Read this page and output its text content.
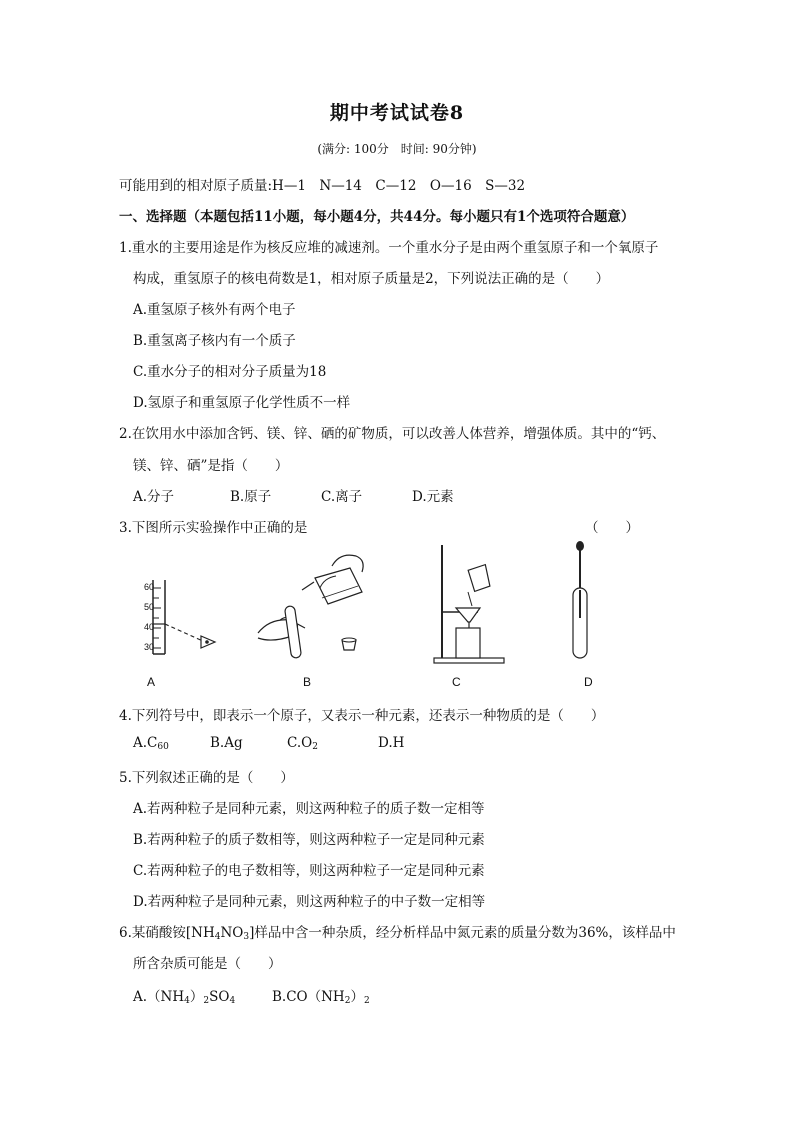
期中考试试卷8
(满分: 100分　时间: 90分钟)
可能用到的相对原子质量:H—1　N—14　C—12　O—16　S—32
一、选择题（本题包括11小题，每小题4分，共44分。每小题只有1个选项符合题意）
1.重水的主要用途是作为核反应堆的减速剂。一个重水分子是由两个重氢原子和一个氧原子
构成，重氢原子的核电荷数是1，相对原子质量是2，下列说法正确的是（　　）
A.重氢原子核外有两个电子
B.重氢离子核内有一个质子
C.重水分子的相对分子质量为18
D.氢原子和重氢原子化学性质不一样
2.在饮用水中添加含钙、镁、锌、硒的矿物质，可以改善人体营养，增强体质。其中的“钙、
镁、锌、硒”是指（　　）
A.分子	B.原子	C.离子	D.元素
3.下图所示实验操作中正确的是	（　　）
60
50
40
30
A	B	C	D
4.下列符号中，即表示一个原子，又表示一种元素，还表示一种物质的是（　　）
$A.C_{60}$	B.Ag	$C.O_2$	D.H
5.下列叙述正确的是（　　）
A.若两种粒子是同种元素，则这两种粒子的质子数一定相等
B.若两种粒子的质子数相等，则这两种粒子一定是同种元素
C.若两种粒子的电子数相等，则这两种粒子一定是同种元素
D.若两种粒子是同种元素，则这两种粒子的中子数一定相等
6.某硝酸铵$[NH_4NO_3]$样品中含一种杂质，经分析样品中氮元素的质量分数为36%，该样品中
所含杂质可能是（　　）
$A.(NH_4)_2SO_4$	$B.CO(NH_2)_2$
